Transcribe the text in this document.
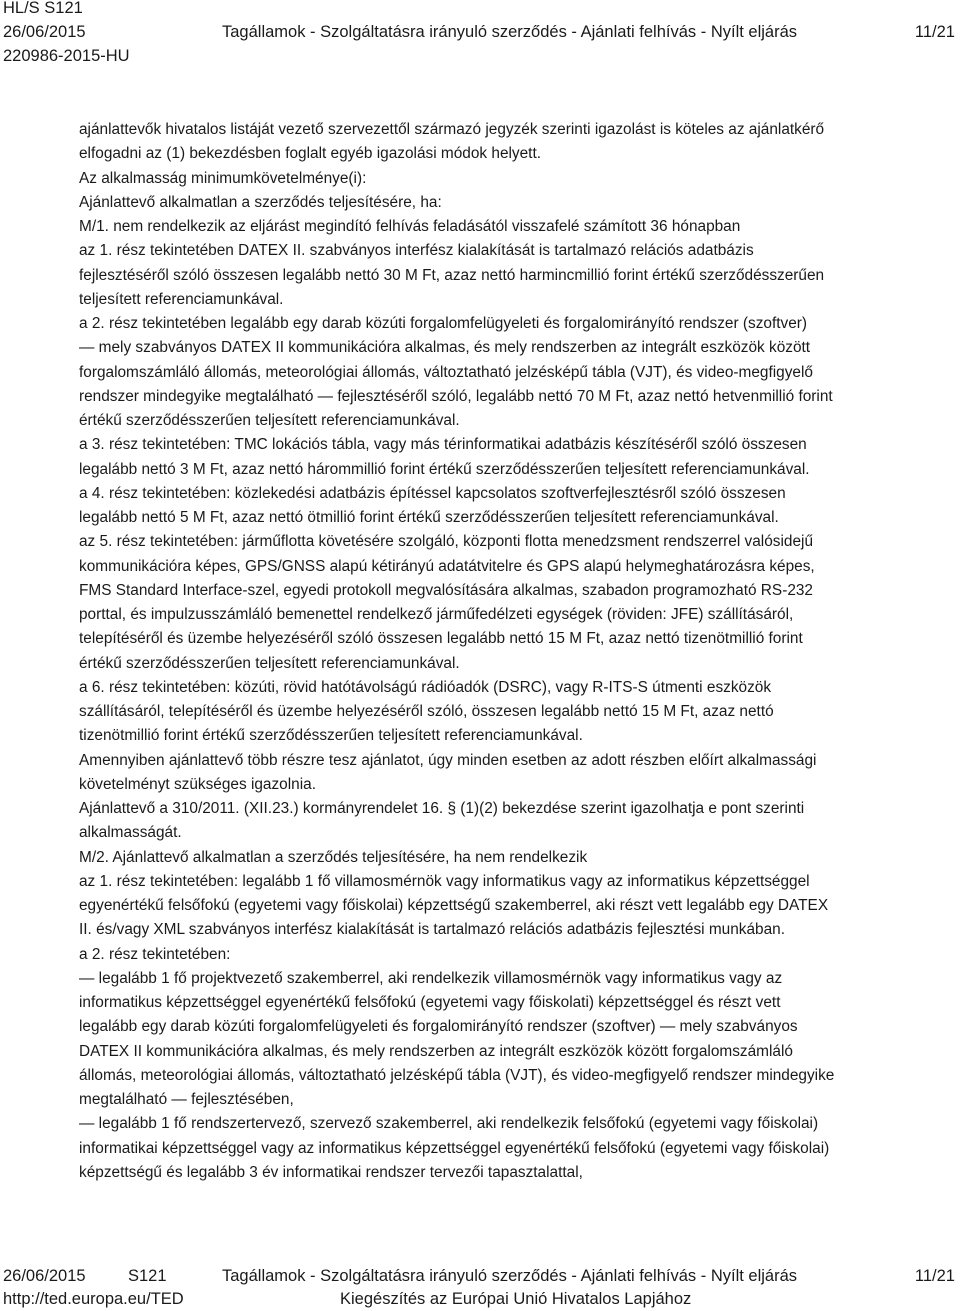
HL/S S121
26/06/2015	Tagállamok - Szolgáltatásra irányuló szerződés - Ajánlati felhívás - Nyílt eljárás	11/21
220986-2015-HU
ajánlattevők hivatalos listáját vezető szervezettől származó jegyzék szerinti igazolást is köteles az ajánlatkérő
elfogadni az (1) bekezdésben foglalt egyéb igazolási módok helyett.
Az alkalmasság minimumkövetelménye(i):
Ajánlattevő alkalmatlan a szerződés teljesítésére, ha:
M/1. nem rendelkezik az eljárást megindító felhívás feladásától visszafelé számított 36 hónapban
az 1. rész tekintetében DATEX II. szabványos interfész kialakítását is tartalmazó relációs adatbázis
fejlesztéséről szóló összesen legalább nettó 30 M Ft, azaz nettó harmincmillió forint értékű szerződésszerűen
teljesített referenciamunkával.
a 2. rész tekintetében legalább egy darab közúti forgalomfelügyeleti és forgalomirányító rendszer (szoftver)
— mely szabványos DATEX II kommunikációra alkalmas, és mely rendszerben az integrált eszközök között
forgalomszámláló állomás, meteorológiai állomás, változtatható jelzésképű tábla (VJT), és video-megfigyelő
rendszer mindegyike megtalálható — fejlesztéséről szóló, legalább nettó 70 M Ft, azaz nettó hetvenmillió forint
értékű szerződésszerűen teljesített referenciamunkával.
a 3. rész tekintetében: TMC lokációs tábla, vagy más térinformatikai adatbázis készítéséről szóló összesen
legalább nettó 3 M Ft, azaz nettó hárommillió forint értékű szerződésszerűen teljesített referenciamunkával.
a 4. rész tekintetében: közlekedési adatbázis építéssel kapcsolatos szoftverfejlesztésről szóló összesen
legalább nettó 5 M Ft, azaz nettó ötmillió forint értékű szerződésszerűen teljesített referenciamunkával.
az 5. rész tekintetében: járműflotta követésére szolgáló, központi flotta menedzsment rendszerrel valósidejű
kommunikációra képes, GPS/GNSS alapú kétirányú adatátvitelre és GPS alapú helymeghatározásra képes,
FMS Standard Interface-szel, egyedi protokoll megvalósítására alkalmas, szabadon programozható RS-232
porttal, és impulzusszámláló bemenettel rendelkező járműfedélzeti egységek (röviden: JFE) szállításáról,
telepítéséről és üzembe helyezéséről szóló összesen legalább nettó 15 M Ft, azaz nettó tizenötmillió forint
értékű szerződésszerűen teljesített referenciamunkával.
a 6. rész tekintetében: közúti, rövid hatótávolságú rádióadók (DSRC), vagy R-ITS-S útmenti eszközök
szállításáról, telepítéséről és üzembe helyezéséről szóló, összesen legalább nettó 15 M Ft, azaz nettó
tizenötmillió forint értékű szerződésszerűen teljesített referenciamunkával.
Amennyiben ajánlattevő több részre tesz ajánlatot, úgy minden esetben az adott részben előírt alkalmassági
követelményt szükséges igazolnia.
Ajánlattevő a 310/2011. (XII.23.) kormányrendelet 16. § (1)(2) bekezdése szerint igazolhatja e pont szerinti
alkalmasságát.
M/2. Ajánlattevő alkalmatlan a szerződés teljesítésére, ha nem rendelkezik
az 1. rész tekintetében: legalább 1 fő villamosmérnök vagy informatikus vagy az informatikus képzettséggel
egyenértékű felsőfokú (egyetemi vagy főiskolai) képzettségű szakemberrel, aki részt vett legalább egy DATEX
II. és/vagy XML szabványos interfész kialakítását is tartalmazó relációs adatbázis fejlesztési munkában.
a 2. rész tekintetében:
— legalább 1 fő projektvezető szakemberrel, aki rendelkezik villamosmérnök vagy informatikus vagy az
informatikus képzettséggel egyenértékű felsőfokú (egyetemi vagy főiskolati) képzettséggel és részt vett
legalább egy darab közúti forgalomfelügyeleti és forgalomirányító rendszer (szoftver) — mely szabványos
DATEX II kommunikációra alkalmas, és mely rendszerben az integrált eszközök között forgalomszámláló
állomás, meteorológiai állomás, változtatható jelzésképű tábla (VJT), és video-megfigyelő rendszer mindegyike
megtalálható — fejlesztésében,
— legalább 1 fő rendszertervező, szervező szakemberrel, aki rendelkezik felsőfokú (egyetemi vagy főiskolai)
informatikai képzettséggel vagy az informatikus képzettséggel egyenértékű felsőfokú (egyetemi vagy főiskolai)
képzettségű és legalább 3 év informatikai rendszer tervezői tapasztalattal,
26/06/2015	S121	Tagállamok - Szolgáltatásra irányuló szerződés - Ajánlati felhívás - Nyílt eljárás	11/21
http://ted.europa.eu/TED	Kiegészítés az Európai Unió Hivatalos Lapjához
